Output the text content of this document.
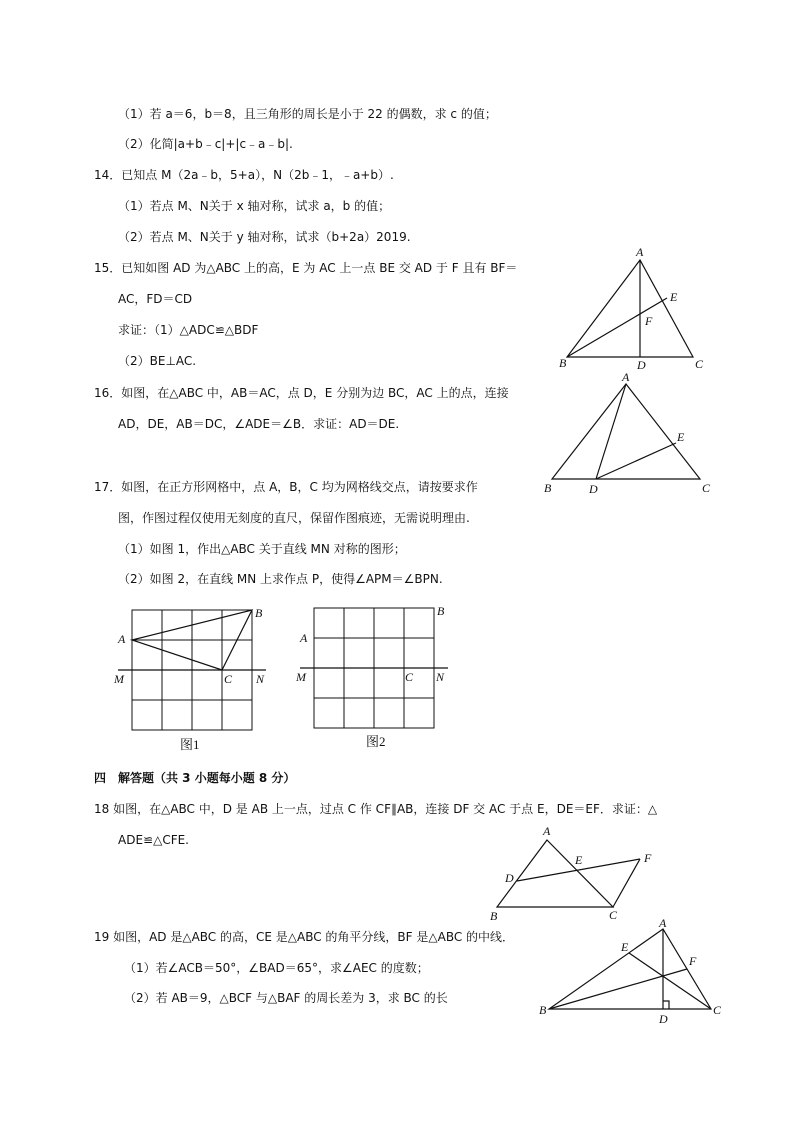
（1）若 a＝6，b＝8，且三角形的周长是小于 22 的偶数，求 c 的值；
（2）化简|a+b﹣c|+|c﹣a﹣b|.
14．已知点 M（2a﹣b，5+a），N（2b﹣1，﹣a+b）.
（1）若点 M、N关于 x 轴对称，试求 a，b 的值；
（2）若点 M、N关于 y 轴对称，试求（b+2a）2019.
15．已知如图 AD 为△ABC 上的高，E 为 AC 上一点 BE 交 AD 于 F 且有 BF＝
AC，FD＝CD
求证：（1）△ADC≌△BDF
（2）BE⊥AC.
A
B	C
D
E
F
16．如图，在△ABC 中，AB＝AC，点 D，E 分别为边 BC，AC 上的点，连接
AD，DE，AB＝DC，∠ADE＝∠B．求证：AD＝DE.
A
B	C
D
E
17．如图，在正方形网格中，点 A，B，C 均为网格线交点，请按要求作
图，作图过程仅使用无刻度的直尺，保留作图痕迹，无需说明理由.
（1）如图 1，作出△ABC 关于直线 MN 对称的图形；
（2）如图 2，在直线 MN 上求作点 P，使得∠APM＝∠BPN.
A
B
C
M	N
图1
A
B
C
M	N
图2
四　解答题（共 3 小题每小题 8 分）
18 如图，在△ABC 中，D 是 AB 上一点，过点 C 作 CF∥AB，连接 DF 交 AC 于点 E，DE＝EF．求证：△
ADE≌△CFE.
A
B	C
D
E	F
19 如图，AD 是△ABC 的高，CE 是△ABC 的角平分线，BF 是△ABC 的中线．
（1）若∠ACB＝50°，∠BAD＝65°，求∠AEC 的度数；
（2）若 AB＝9，△BCF 与△BAF 的周长差为 3，求 BC 的长
A
B	C
D
E
F
